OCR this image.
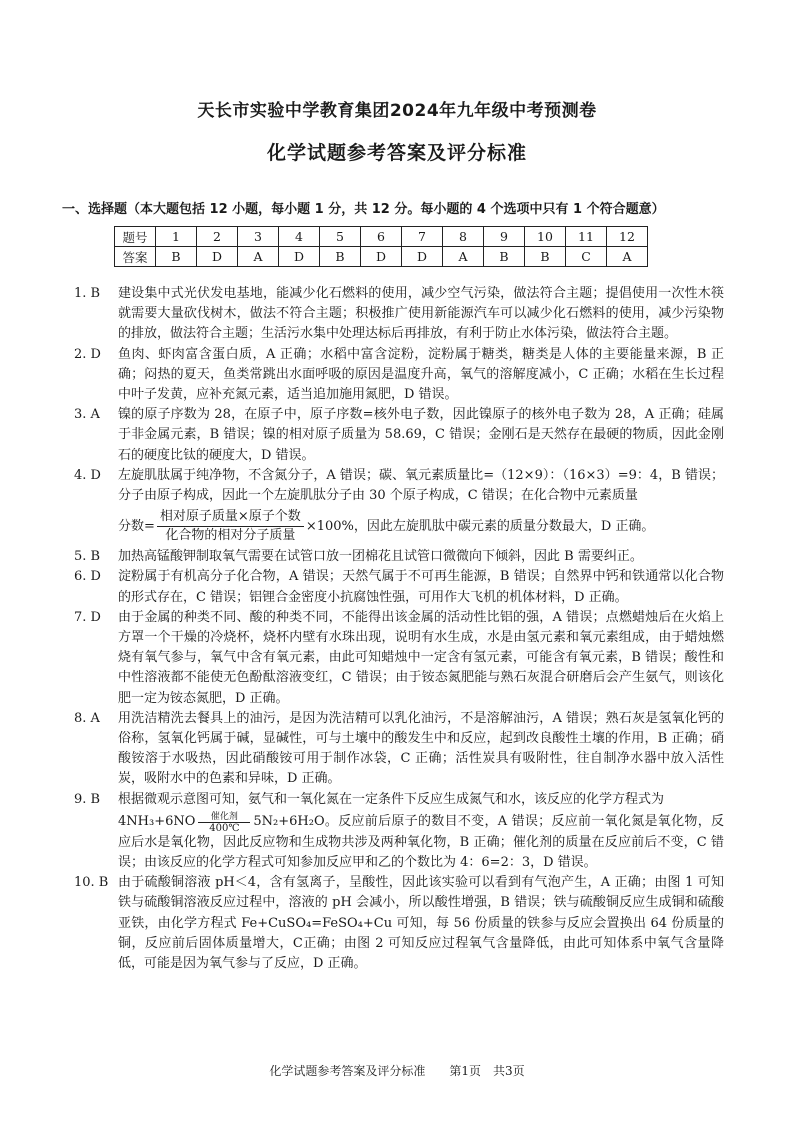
天长市实验中学教育集团2024年九年级中考预测卷
化学试题参考答案及评分标准
一、选择题（本大题包括 12 小题，每小题 1 分，共 12 分。每小题的 4 个选项中只有 1 个符合题意）
题号	1	2	3	4	5	6	7	8	9	10	11	12
答案	B	D	A	D	B	D	D	A	B	B	C	A
1. B	建设集中式光伏发电基地，能减少化石燃料的使用，减少空气污染，做法符合主题；提倡使用一次性木筷就需要大量砍伐树木，做法不符合主题；积极推广使用新能源汽车可以减少化石燃料的使用，减少污染物的排放，做法符合主题；生活污水集中处理达标后再排放，有利于防止水体污染，做法符合主题。
2. D	鱼肉、虾肉富含蛋白质，A 正确；水稻中富含淀粉，淀粉属于糖类，糖类是人体的主要能量来源，B 正确；闷热的夏天，鱼类常跳出水面呼吸的原因是温度升高，氧气的溶解度减小，C 正确；水稻在生长过程中叶子发黄，应补充氮元素，适当追加施用氮肥，D 错误。
3. A	镍的原子序数为 28，在原子中，原子序数=核外电子数，因此镍原子的核外电子数为 28，A 正确；硅属于非金属元素，B 错误；镍的相对原子质量为 58.69，C 错误；金刚石是天然存在最硬的物质，因此金刚石的硬度比钛的硬度大，D 错误。
4. D	左旋肌肽属于纯净物，不含氮分子，A 错误；碳、氧元素质量比=（12×9）：（16×3）=9：4，B 错误；分子由原子构成，因此一个左旋肌肽分子由 30 个原子构成，C 错误；在化合物中元素质量
分数= $\frac{\text{相对原子质量×原子个数}}{\text{化合物的相对分子质量}} \times 100\%$，因此左旋肌肽中碳元素的质量分数最大，D 正确。
5. B	加热高锰酸钾制取氧气需要在试管口放一团棉花且试管口微微向下倾斜，因此 B 需要纠正。
6. D	淀粉属于有机高分子化合物，A 错误；天然气属于不可再生能源，B 错误；自然界中钙和铁通常以化合物的形式存在，C 错误；铝锂合金密度小抗腐蚀性强，可用作大飞机的机体材料，D 正确。
7. D	由于金属的种类不同、酸的种类不同，不能得出该金属的活动性比铝的强，A 错误；点燃蜡烛后在火焰上方罩一个干燥的冷烧杯，烧杯内壁有水珠出现，说明有水生成，水是由氢元素和氧元素组成，由于蜡烛燃烧有氧气参与，氧气中含有氧元素，由此可知蜡烛中一定含有氢元素，可能含有氧元素，B 错误；酸性和中性溶液都不能使无色酚酞溶液变红，C 错误；由于铵态氮肥能与熟石灰混合研磨后会产生氨气，则该化肥一定为铵态氮肥，D 正确。
8. A	用洗洁精洗去餐具上的油污，是因为洗洁精可以乳化油污，不是溶解油污，A 错误；熟石灰是氢氧化钙的俗称，氢氧化钙属于碱，显碱性，可与土壤中的酸发生中和反应，起到改良酸性土壤的作用，B 正确；硝酸铵溶于水吸热，因此硝酸铵可用于制作冰袋，C 正确；活性炭具有吸附性，往自制净水器中放入活性炭，吸附水中的色素和异味，D 正确。
9. B	根据微观示意图可知，氨气和一氧化氮在一定条件下反应生成氮气和水，该反应的化学方程式为
4NH₃+6NO 催化剂
400℃ 5N₂+6H₂O。反应前后原子的数目不变，A 错误；反应前一氧化氮是氧化物，反应后水是氧化物，因此反应物和生成物共涉及两种氧化物，B 正确；催化剂的质量在反应前后不变，C 错误；由该反应的化学方程式可知参加反应甲和乙的个数比为 4：6=2：3，D 错误。
10. B 由于硫酸铜溶液 pH＜4，含有氢离子，呈酸性，因此该实验可以看到有气泡产生，A 正确；由图 1 可知铁与硫酸铜溶液反应过程中，溶液的 pH 会减小，所以酸性增强，B 错误；铁与硫酸铜反应生成铜和硫酸亚铁，由化学方程式 Fe+CuSO₄=FeSO₄+Cu 可知，每 56 份质量的铁参与反应会置换出 64 份质量的铜，反应前后固体质量增大，C正确；由图 2 可知反应过程氧气含量降低，由此可知体系中氧气含量降低，可能是因为氧气参与了反应，D 正确。
化学试题参考答案及评分标准　　第1页　共3页
